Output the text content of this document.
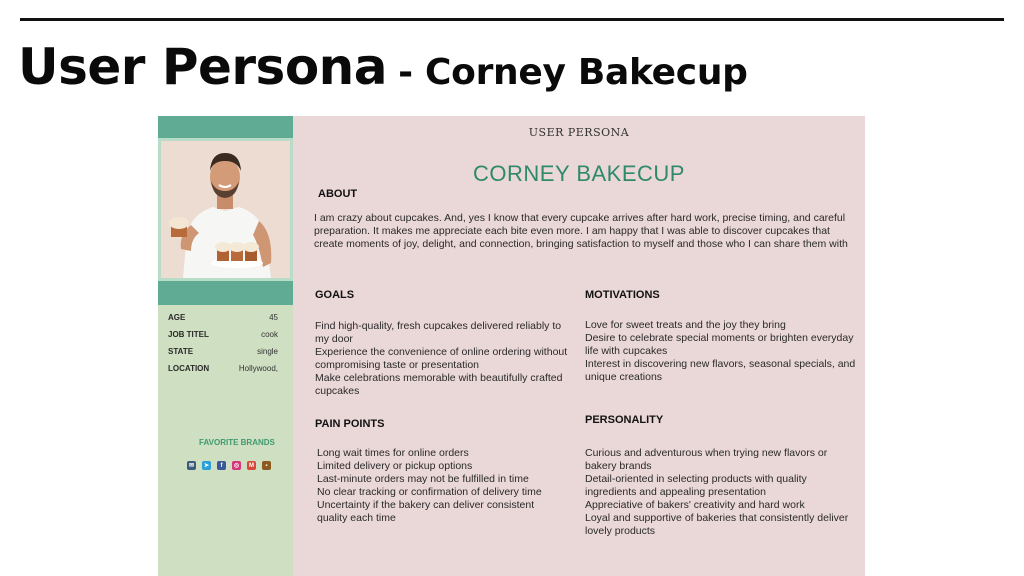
User Persona - Corney Bakecup
AGE	45
JOB TITEL	cook
STATE	single
LOCATION	Hollywood,
FAVORITE BRANDS
✉	➤	f	◎	M	▪
USER PERSONA
CORNEY BAKECUP
ABOUT
I am crazy about cupcakes. And, yes I know that every cupcake arrives after hard work, precise timing, and careful preparation. It makes me appreciate each bite even more. I am happy that I was able to discover cupcakes that create moments of joy, delight, and connection, bringing satisfaction to myself and those who I can share them with
GOALS

Find high-quality, fresh cupcakes delivered reliably to my door

Experience the convenience of online ordering without compromising taste or presentation

Make celebrations memorable with beautifully crafted cupcakes

MOTIVATIONS

Love for sweet treats and the joy they bring

Desire to celebrate special moments or brighten everyday life with cupcakes

Interest in discovering new flavors, seasonal specials, and unique creations

PAIN POINTS

Long wait times for online orders

Limited delivery or pickup options

Last-minute orders may not be fulfilled in time

No clear tracking or confirmation of delivery time

Uncertainty if the bakery can deliver consistent quality each time

PERSONALITY

Curious and adventurous when trying new flavors or bakery brands

Detail-oriented in selecting products with quality ingredients and appealing presentation

Appreciative of bakers' creativity and hard work

Loyal and supportive of bakeries that consistently deliver lovely products
